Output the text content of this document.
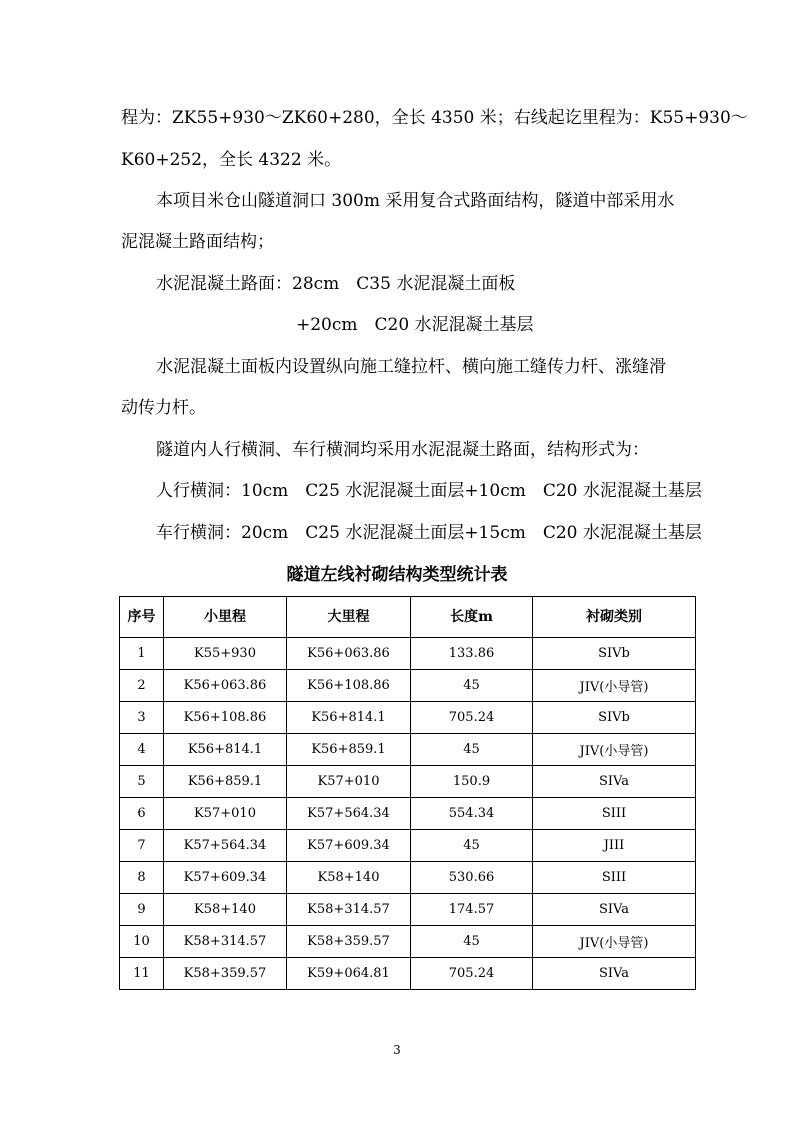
程为：ZK55+930～ZK60+280，全长 4350 米；右线起讫里程为：K55+930～
K60+252，全长 4322 米。
本项目米仓山隧道洞口 300m 采用复合式路面结构，隧道中部采用水
泥混凝土路面结构；
水泥混凝土路面：28cm　C35 水泥混凝土面板
+20cm　C20 水泥混凝土基层
水泥混凝土面板内设置纵向施工缝拉杆、横向施工缝传力杆、涨缝滑
动传力杆。
隧道内人行横洞、车行横洞均采用水泥混凝土路面，结构形式为：
人行横洞：10cm　C25 水泥混凝土面层+10cm　C20 水泥混凝土基层
车行横洞：20cm　C25 水泥混凝土面层+15cm　C20 水泥混凝土基层
隧道左线衬砌结构类型统计表
序号	小里程	大里程	长度m	衬砌类别
1	K55+930	K56+063.86	133.86	SIVb
2	K56+063.86	K56+108.86	45	JIV(小导管)
3	K56+108.86	K56+814.1	705.24	SIVb
4	K56+814.1	K56+859.1	45	JIV(小导管)
5	K56+859.1	K57+010	150.9	SIVa
6	K57+010	K57+564.34	554.34	SIII
7	K57+564.34	K57+609.34	45	JIII
8	K57+609.34	K58+140	530.66	SIII
9	K58+140	K58+314.57	174.57	SIVa
10	K58+314.57	K58+359.57	45	JIV(小导管)
11	K58+359.57	K59+064.81	705.24	SIVa
3
